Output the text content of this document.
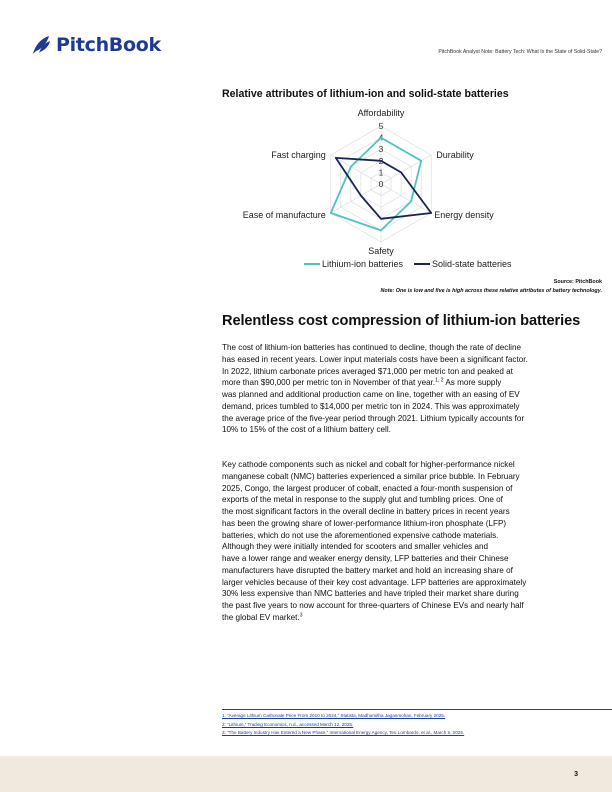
PitchBook	PitchBook Analyst Note: Battery Tech: What Is the State of Solid-State?
Relative attributes of lithium-ion and solid-state batteries
0
1
2
3
4
5
Affordability
Durability
Energy density
Safety
Ease of manufacture
Fast charging
Lithium-ion batteries	Solid-state batteries
Source: PitchBook
Note: One is low and five is high across these relative attributes of battery technology.
Relentless cost compression of lithium-ion batteries

The cost of lithium-ion batteries has continued to decline, though the rate of decline
has eased in recent years. Lower input materials costs have been a significant factor.
In 2022, lithium carbonate prices averaged $71,000 per metric ton and peaked at
more than $90,000 per metric ton in November of that year.$^{1, 2}$ As more supply
was planned and additional production came on line, together with an easing of EV
demand, prices tumbled to $14,000 per metric ton in 2024. This was approximately
the average price of the five-year period through 2021. Lithium typically accounts for
10% to 15% of the cost of a lithium battery cell.

Key cathode components such as nickel and cobalt for higher-performance nickel
manganese cobalt (NMC) batteries experienced a similar price bubble. In February
2025, Congo, the largest producer of cobalt, enacted a four-month suspension of
exports of the metal in response to the supply glut and tumbling prices. One of
the most significant factors in the overall decline in battery prices in recent years
has been the growing share of lower-performance lithium-iron phosphate (LFP)
batteries, which do not use the aforementioned expensive cathode materials.
Although they were initially intended for scooters and smaller vehicles and
have a lower range and weaker energy density, LFP batteries and their Chinese
manufacturers have disrupted the battery market and hold an increasing share of
larger vehicles because of their key cost advantage. LFP batteries are approximately
30% less expensive than NMC batteries and have tripled their market share during
the past five years to now account for three-quarters of Chinese EVs and nearly half
the global EV market.$^3$

1: “Average Lithium Carbonate Price From 2010 to 2024,” Statista, Madhumitha Jaganmohan, February 2025.
2: “Lithium,” Trading Economics, n.d., accessed March 12, 2025.
3: “The Battery Industry Has Entered a New Phase,” International Energy Agency, Teo Lombardo, et al., March 5, 2025.
3
